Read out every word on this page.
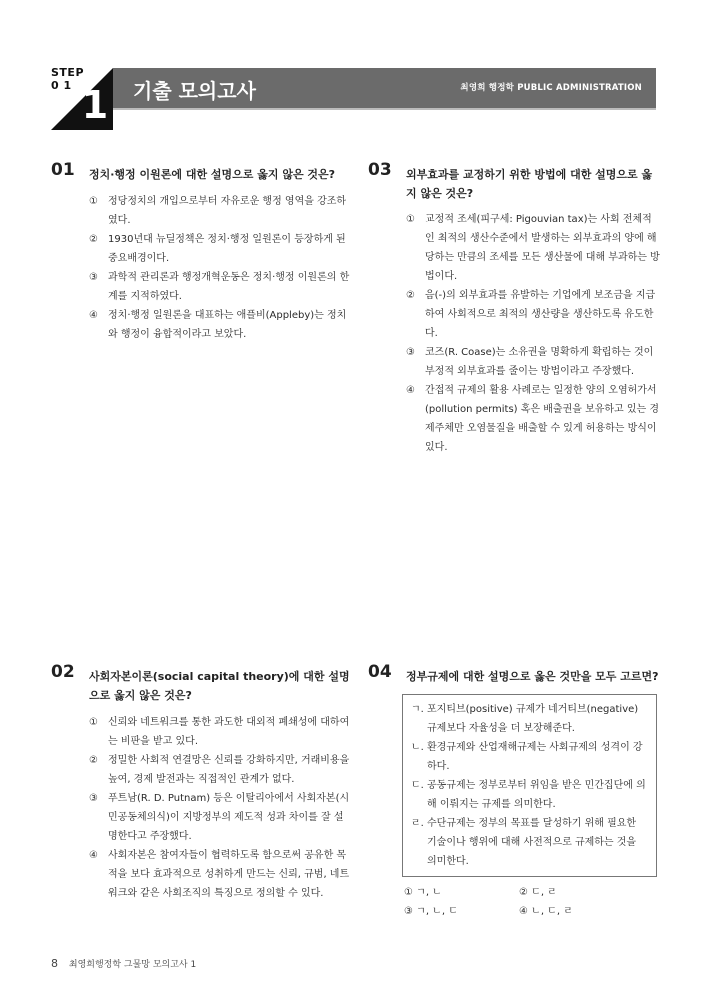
STEP
0 1 1 기출 모의고사	최영희 행정학 PUBLIC ADMINISTRATION
01 정치·행정 이원론에 대한 설명으로 옳지 않은 것은?
① 정당정치의 개입으로부터 자유로운 행정 영역을 강조하였다.
② 1930년대 뉴딜정책은 정치·행정 일원론이 등장하게 된 중요배경이다.
③ 과학적 관리론과 행정개혁운동은 정치·행정 이원론의 한계를 지적하였다.
④ 정치·행정 일원론을 대표하는 애플비(Appleby)는 정치와 행정이 융합적이라고 보았다.
03 외부효과를 교정하기 위한 방법에 대한 설명으로 옳지 않은 것은?
① 교정적 조세(피구세: Pigouvian tax)는 사회 전체적인 최적의 생산수준에서 발생하는 외부효과의 양에 해당하는 만큼의 조세를 모든 생산물에 대해 부과하는 방법이다.
② 음(-)의 외부효과를 유발하는 기업에게 보조금을 지급하여 사회적으로 최적의 생산량을 생산하도록 유도한다.
③ 코즈(R. Coase)는 소유권을 명확하게 확립하는 것이 부정적 외부효과를 줄이는 방법이라고 주장했다.
④ 간접적 규제의 활용 사례로는 일정한 양의 오염허가서(pollution permits) 혹은 배출권을 보유하고 있는 경제주체만 오염물질을 배출할 수 있게 허용하는 방식이 있다.
02 사회자본이론(social capital theory)에 대한 설명으로 옳지 않은 것은?
① 신뢰와 네트워크를 통한 과도한 대외적 폐쇄성에 대하여는 비판을 받고 있다.
② 정밀한 사회적 연결망은 신뢰를 강화하지만, 거래비용을 높여, 경제 발전과는 직접적인 관계가 없다.
③ 푸트남(R. D. Putnam) 등은 이탈리아에서 사회자본(시민공동체의식)이 지방정부의 제도적 성과 차이를 잘 설명한다고 주장했다.
④ 사회자본은 참여자들이 협력하도록 함으로써 공유한 목적을 보다 효과적으로 성취하게 만드는 신뢰, 규범, 네트워크와 같은 사회조직의 특징으로 정의할 수 있다.
04 정부규제에 대한 설명으로 옳은 것만을 모두 고르면?
ㄱ. 포지티브(positive) 규제가 네거티브(negative) 규제보다 자율성을 더 보장해준다.
ㄴ. 환경규제와 산업재해규제는 사회규제의 성격이 강하다.
ㄷ. 공동규제는 정부로부터 위임을 받은 민간집단에 의해 이뤄지는 규제를 의미한다.
ㄹ. 수단규제는 정부의 목표를 달성하기 위해 필요한 기술이나 행위에 대해 사전적으로 규제하는 것을 의미한다.
① ㄱ, ㄴ	② ㄷ, ㄹ
③ ㄱ, ㄴ, ㄷ	④ ㄴ, ㄷ, ㄹ
8 최영희행정학 그물망 모의고사 1
